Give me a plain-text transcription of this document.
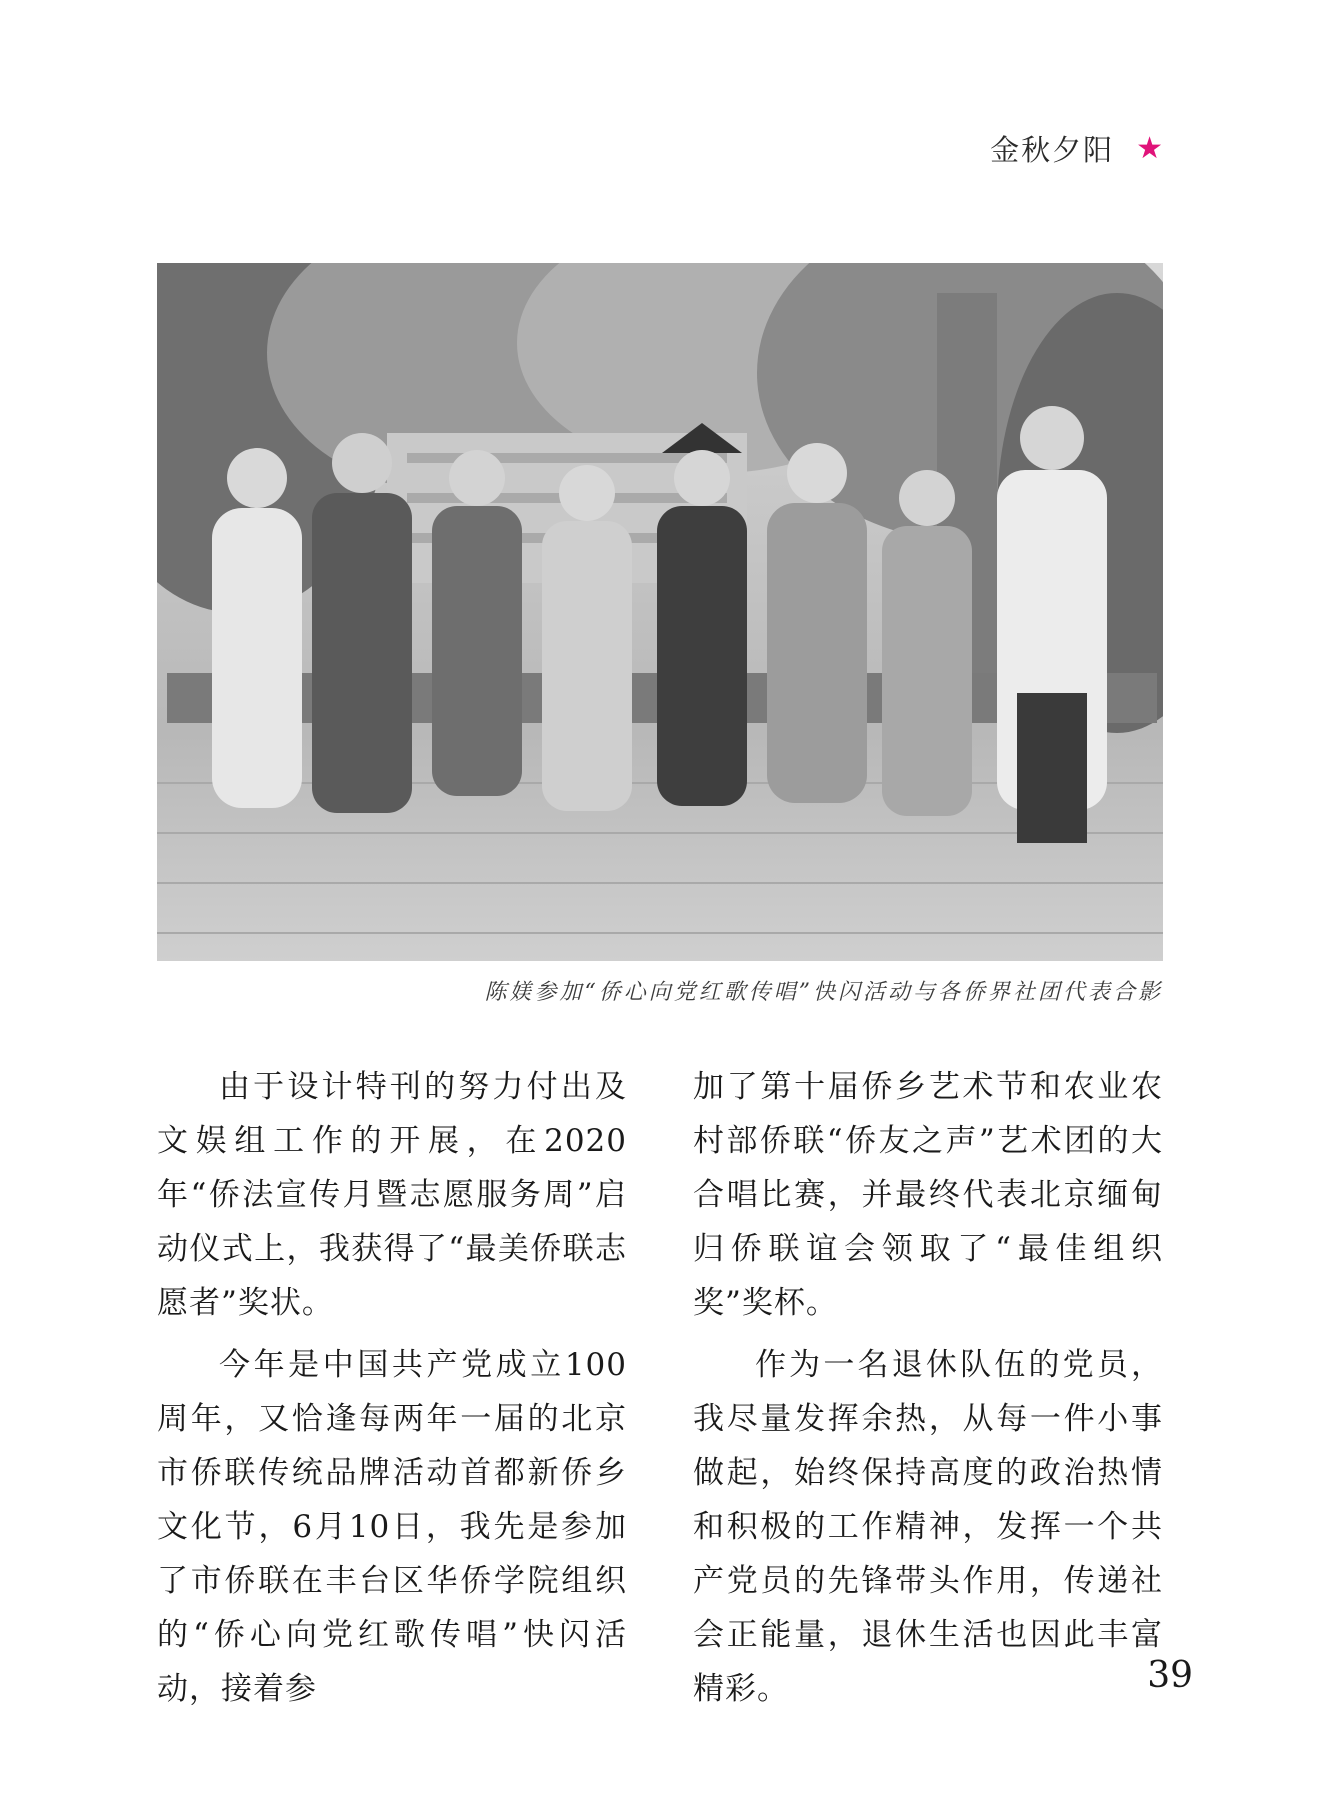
金秋夕阳 ★
陈媄参加“侨心向党红歌传唱”快闪活动与各侨界社团代表合影

由于设计特刊的努力付出及文娱组工作的开展，在2020年“侨法宣传月暨志愿服务周”启动仪式上，我获得了“最美侨联志愿者”奖状。

今年是中国共产党成立100周年，又恰逢每两年一届的北京市侨联传统品牌活动首都新侨乡文化节，6月10日，我先是参加了市侨联在丰台区华侨学院组织的“侨心向党红歌传唱”快闪活动，接着参

加了第十届侨乡艺术节和农业农村部侨联“侨友之声”艺术团的大合唱比赛，并最终代表北京缅甸归侨联谊会领取了“最佳组织奖”奖杯。

作为一名退休队伍的党员，我尽量发挥余热，从每一件小事做起，始终保持高度的政治热情和积极的工作精神，发挥一个共产党员的先锋带头作用，传递社会正能量，退休生活也因此丰富精彩。	39
